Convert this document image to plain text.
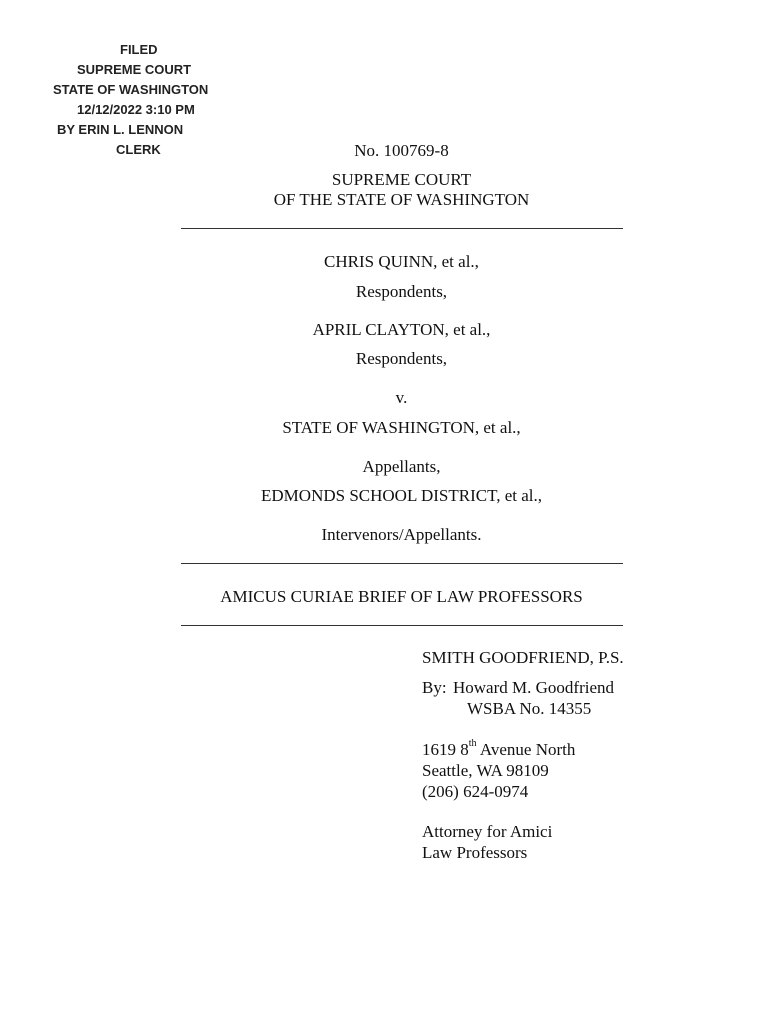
FILED
SUPREME COURT
STATE OF WASHINGTON
12/12/2022 3:10 PM
BY ERIN L. LENNON
CLERK	No. 100769-8
SUPREME COURT
OF THE STATE OF WASHINGTON
CHRIS QUINN, et al.,
Respondents,
APRIL CLAYTON, et al.,
Respondents,
v.
STATE OF WASHINGTON, et al.,
Appellants,
EDMONDS SCHOOL DISTRICT, et al.,
Intervenors/Appellants.
AMICUS CURIAE BRIEF OF LAW PROFESSORS
SMITH GOODFRIEND, P.S.
By: Howard M. Goodfriend
WSBA No. 14355
1619 8th Avenue North
Seattle, WA 98109
(206) 624-0974
Attorney for Amici
Law Professors
